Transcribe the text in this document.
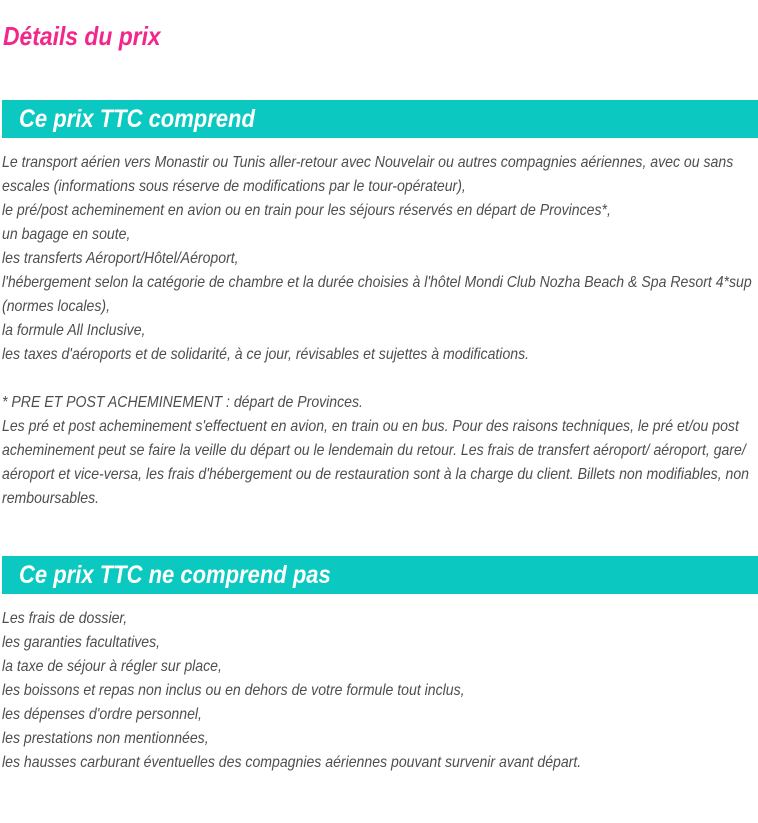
Détails du prix
Ce prix TTC comprend
Le transport aérien vers Monastir ou Tunis aller-retour avec Nouvelair ou autres compagnies aériennes, avec ou sans
escales (informations sous réserve de modifications par le tour-opérateur),
le pré/post acheminement en avion ou en train pour les séjours réservés en départ de Provinces*,
un bagage en soute,
les transferts Aéroport/Hôtel/Aéroport,
l'hébergement selon la catégorie de chambre et la durée choisies à l'hôtel Mondi Club Nozha Beach & Spa Resort 4*sup
(normes locales),
la formule All Inclusive,
les taxes d'aéroports et de solidarité, à ce jour, révisables et sujettes à modifications.

* PRE ET POST ACHEMINEMENT : départ de Provinces.
Les pré et post acheminement s'effectuent en avion, en train ou en bus. Pour des raisons techniques, le pré et/ou post
acheminement peut se faire la veille du départ ou le lendemain du retour. Les frais de transfert aéroport/ aéroport, gare/
aéroport et vice-versa, les frais d'hébergement ou de restauration sont à la charge du client. Billets non modifiables, non
remboursables.
Ce prix TTC ne comprend pas
Les frais de dossier,
les garanties facultatives,
la taxe de séjour à régler sur place,
les boissons et repas non inclus ou en dehors de votre formule tout inclus,
les dépenses d'ordre personnel,
les prestations non mentionnées,
les hausses carburant éventuelles des compagnies aériennes pouvant survenir avant départ.
